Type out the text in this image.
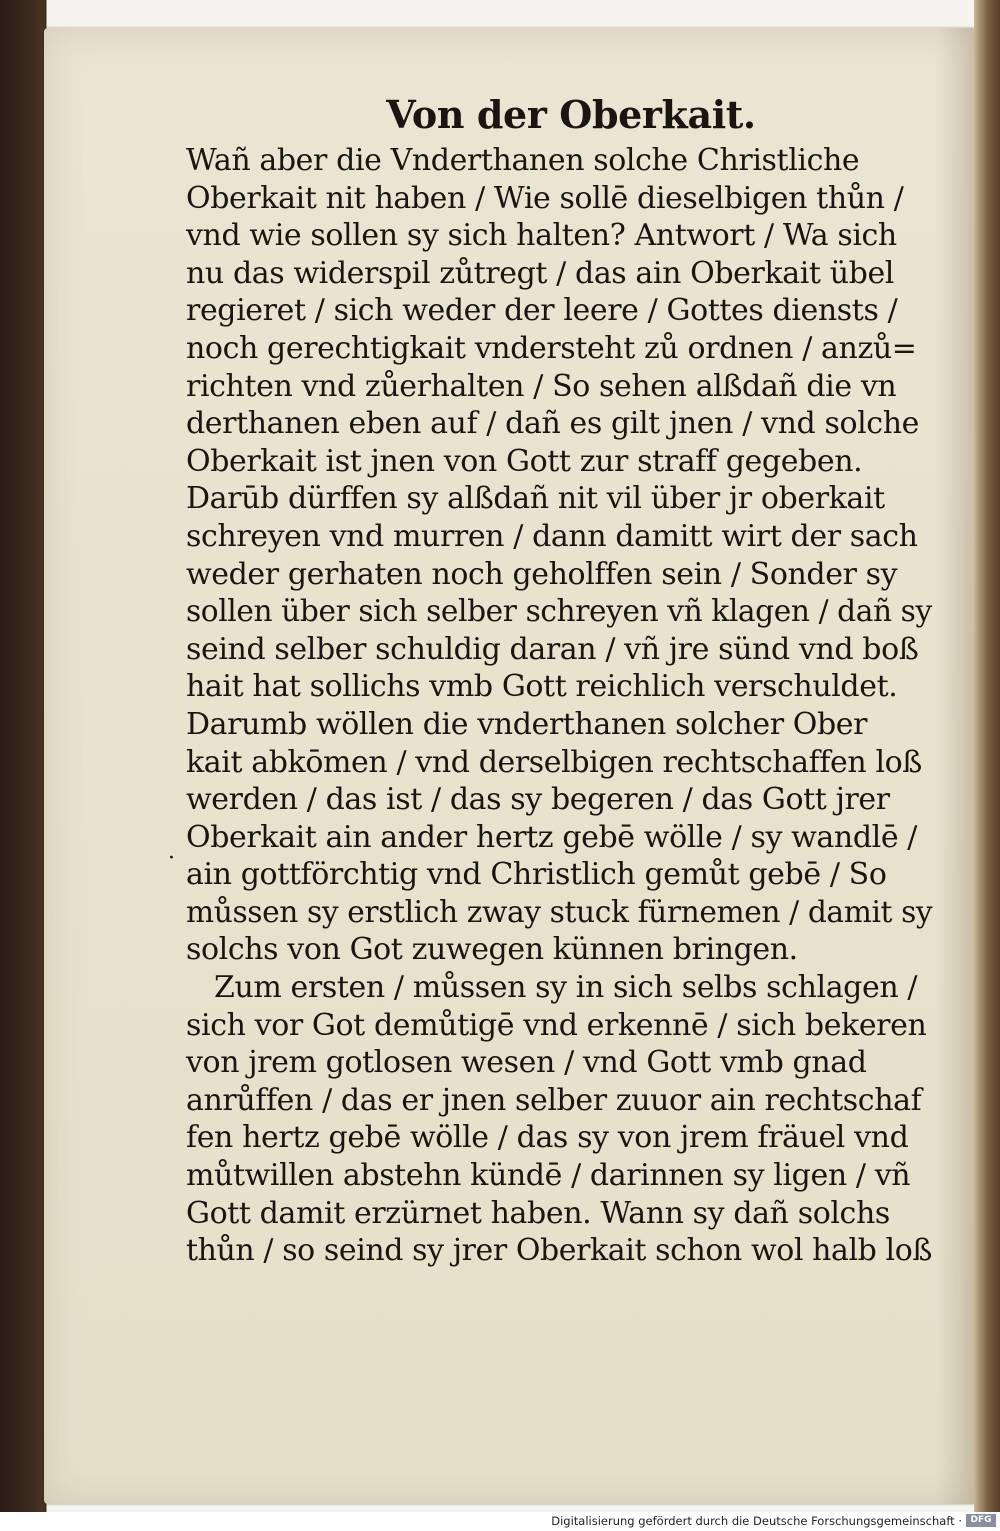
·
Von der Oberkait.
Wañ aber die Vnderthanen solche Christliche
Oberkait nit haben / Wie sollē dieselbigen thůn /
vnd wie sollen sy sich halten? Antwort / Wa sich
nu das widerspil zůtregt / das ain Oberkait übel
regieret / sich weder der leere / Gottes diensts /
noch gerechtigkait vndersteht zů ordnen / anzů=
richten vnd zůerhalten / So sehen alßdañ die vn
derthanen eben auf / dañ es gilt jnen / vnd solche
Oberkait ist jnen von Gott zur straff gegeben.
Darūb dürffen sy alßdañ nit vil über jr oberkait
schreyen vnd murren / dann damitt wirt der sach
weder gerhaten noch geholffen sein / Sonder sy
sollen über sich selber schreyen vñ klagen / dañ sy
seind selber schuldig daran / vñ jre sünd vnd boß
hait hat sollichs vmb Gott reichlich verschuldet.
Darumb wöllen die vnderthanen solcher Ober
kait abkōmen / vnd derselbigen rechtschaffen loß
werden / das ist / das sy begeren / das Gott jrer
Oberkait ain ander hertz gebē wölle / sy wandlē /
ain gottförchtig vnd Christlich gemůt gebē / So
můssen sy erstlich zway stuck fürnemen / damit sy
solchs von Got zuwegen künnen bringen.
Zum ersten / můssen sy in sich selbs schlagen /
sich vor Got demůtigē vnd erkennē / sich bekeren
von jrem gotlosen wesen / vnd Gott vmb gnad
anrůffen / das er jnen selber zuuor ain rechtschaf
fen hertz gebē wölle / das sy von jrem fräuel vnd
můtwillen abstehn kündē / darinnen sy ligen / vñ
Gott damit erzürnet haben. Wann sy dañ solchs
thůn / so seind sy jrer Oberkait schon wol halb loß
Digitalisierung gefördert durch die Deutsche Forschungsgemeinschaft · DFG
